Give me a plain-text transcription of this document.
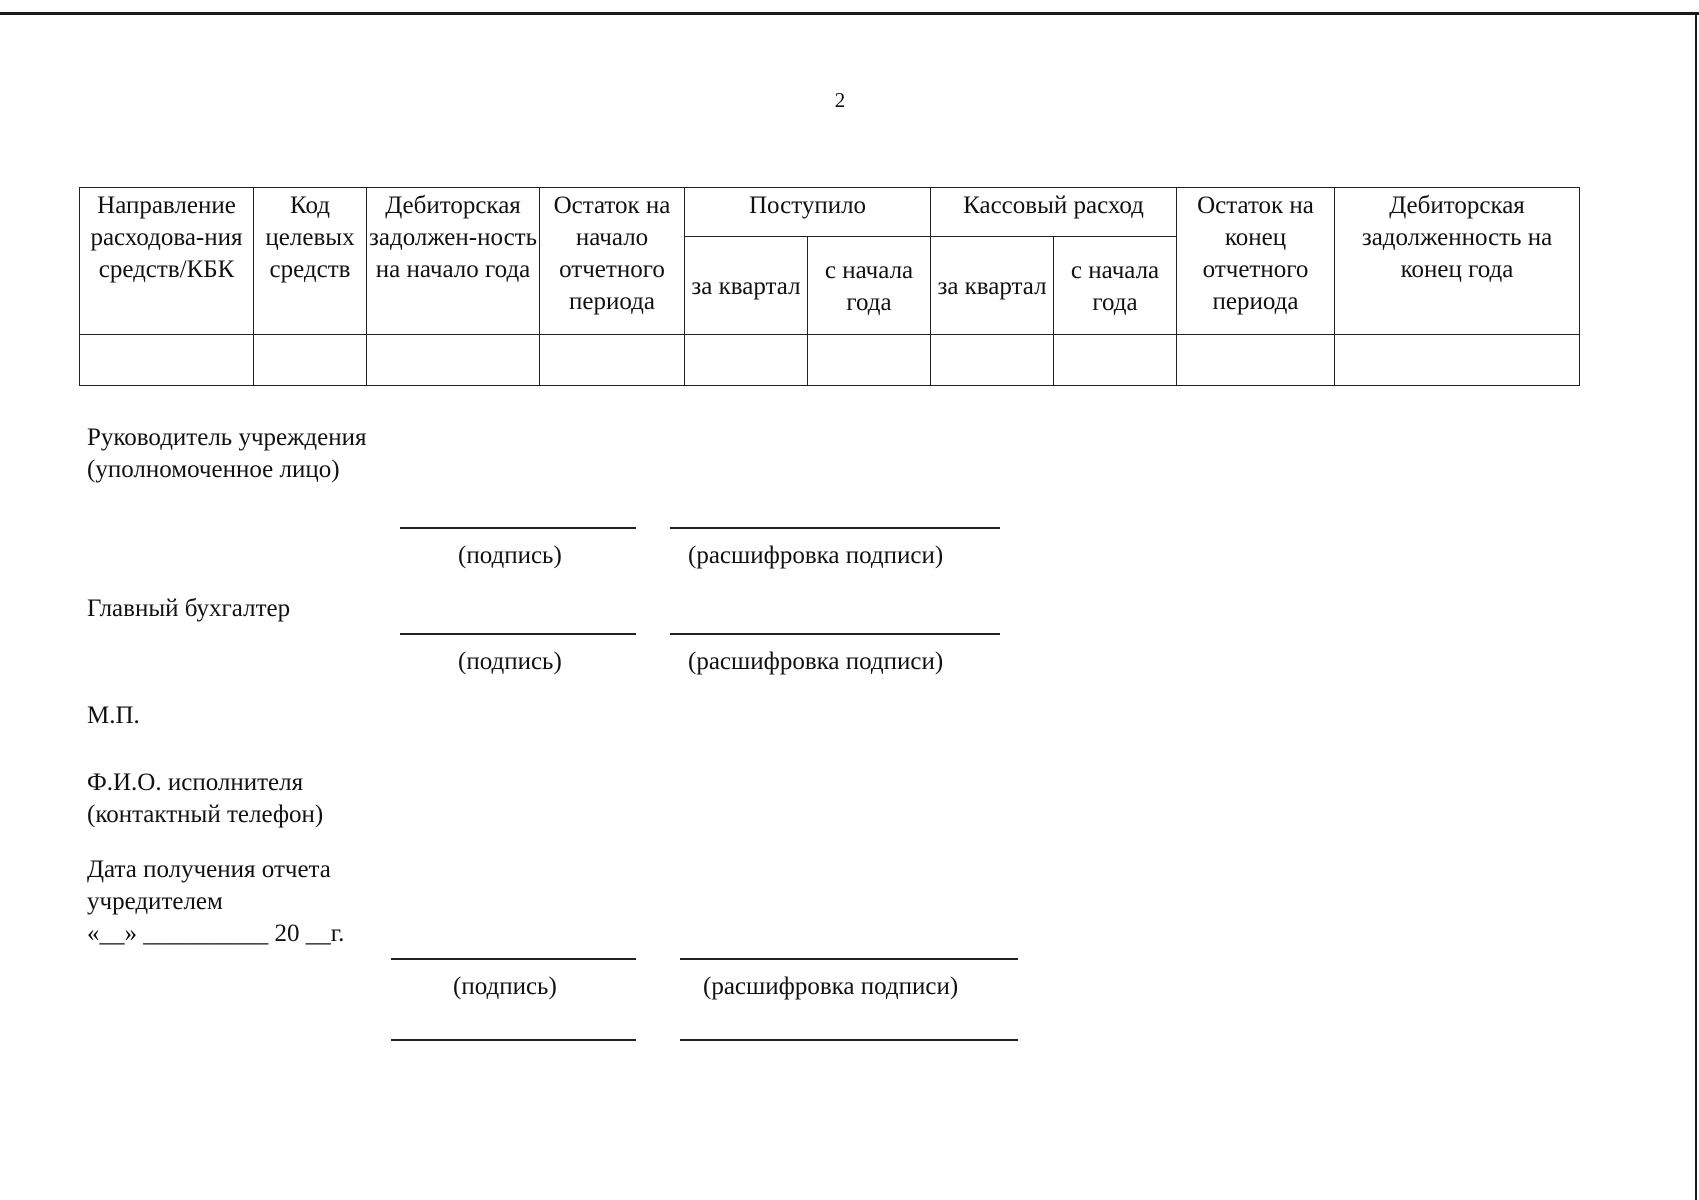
2
Направление расходова-ния средств/КБК	Код целевых средств	Дебиторская задолжен-ность на начало года	Остаток на начало отчетного периода	Поступило		Кассовый расход		Остаток на конец отчетного периода	Дебиторская задолженность на конец года
				за квартал	с начала года	за квартал	с начала года		

Руководитель учреждения (уполномоченное лицо)
(подпись)	(расшифровка подписи)
Главный бухгалтер
(подпись)	(расшифровка подписи)
М.П.
Ф.И.О. исполнителя (контактный телефон)
Дата получения отчета учредителем
«__» __________ 20 __г.
(подпись)	(расшифровка подписи)
